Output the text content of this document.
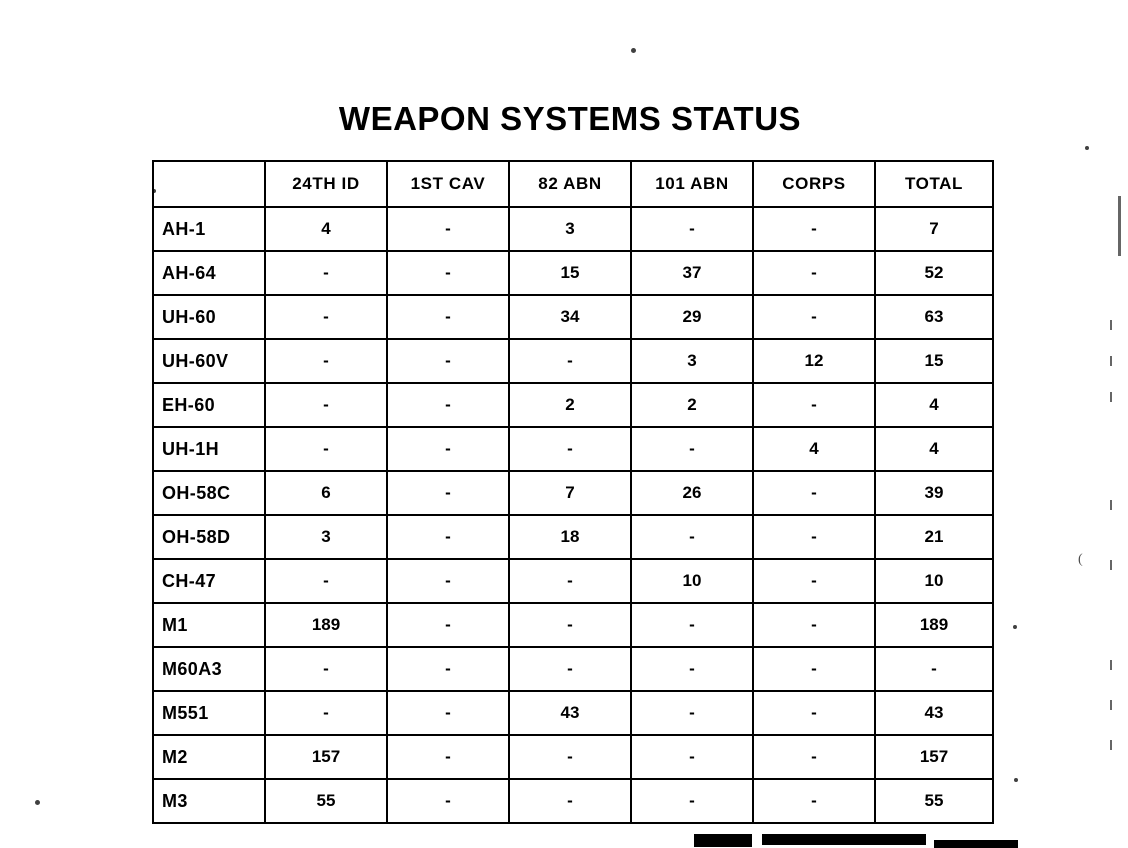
WEAPON SYSTEMS STATUS
	24TH ID	1ST CAV	82 ABN	101 ABN	CORPS	TOTAL
AH-1	4	-	3	-	-	7
AH-64	-	-	15	37	-	52
UH-60	-	-	34	29	-	63
UH-60V	-	-	-	3	12	15
EH-60	-	-	2	2	-	4
UH-1H	-	-	-	-	4	4
OH-58C	6	-	7	26	-	39
OH-58D	3	-	18	-	-	21
CH-47	-	-	-	10	-	10
M1	189	-	-	-	-	189
M60A3	-	-	-	-	-	-
M551	-	-	43	-	-	43
M2	157	-	-	-	-	157
M3	55	-	-	-	-	55
(
